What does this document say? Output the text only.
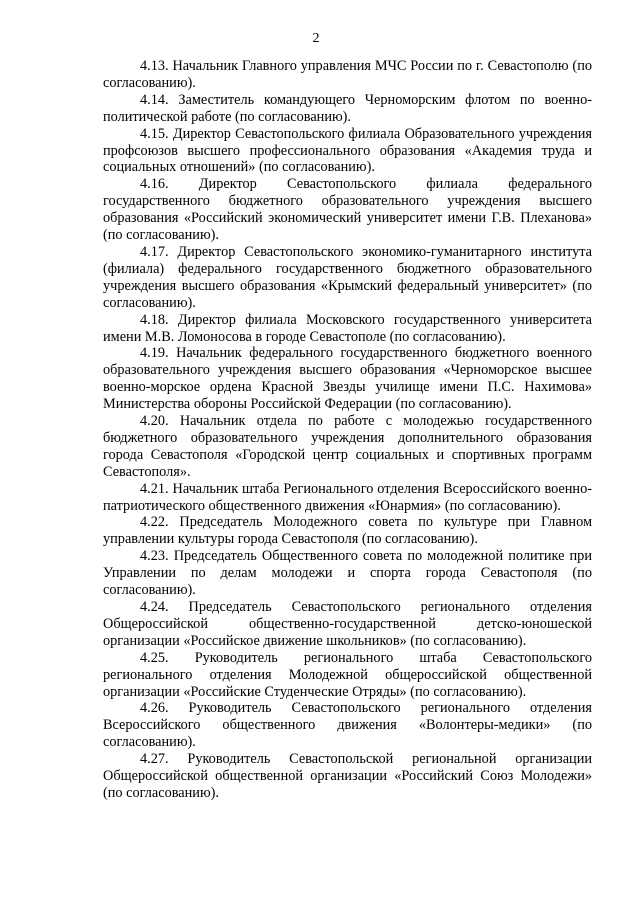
2

4.13. Начальник Главного управления МЧС России по г. Севастополю (по согласованию).

4.14. Заместитель командующего Черноморским флотом по военно-политической работе (по согласованию).

4.15. Директор Севастопольского филиала Образовательного учреждения профсоюзов высшего профессионального образования «Академия труда и социальных отношений» (по согласованию).

4.16. Директор Севастопольского филиала федерального государственного бюджетного образовательного учреждения высшего образования «Российский экономический университет имени Г.В. Плеханова» (по согласованию).

4.17. Директор Севастопольского экономико-гуманитарного института (филиала) федерального государственного бюджетного образовательного учреждения высшего образования «Крымский федеральный университет» (по согласованию).

4.18. Директор филиала Московского государственного университета имени М.В. Ломоносова в городе Севастополе (по согласованию).

4.19. Начальник федерального государственного бюджетного военного образовательного учреждения высшего образования «Черноморское высшее военно-морское ордена Красной Звезды училище имени П.С. Нахимова» Министерства обороны Российской Федерации (по согласованию).

4.20. Начальник отдела по работе с молодежью государственного бюджетного образовательного учреждения дополнительного образования города Севастополя «Городской центр социальных и спортивных программ Севастополя».

4.21. Начальник штаба Регионального отделения Всероссийского военно-патриотического общественного движения «Юнармия» (по согласованию).

4.22. Председатель Молодежного совета по культуре при Главном управлении культуры города Севастополя (по согласованию).

4.23. Председатель Общественного совета по молодежной политике при Управлении по делам молодежи и спорта города Севастополя (по согласованию).

4.24. Председатель Севастопольского регионального отделения Общероссийской общественно-государственной детско-юношеской организации «Российское движение школьников» (по согласованию).

4.25. Руководитель регионального штаба Севастопольского регионального отделения Молодежной общероссийской общественной организации «Российские Студенческие Отряды» (по согласованию).

4.26. Руководитель Севастопольского регионального отделения Всероссийского общественного движения «Волонтеры-медики» (по согласованию).

4.27. Руководитель Севастопольской региональной организации Общероссийской общественной организации «Российский Союз Молодежи» (по согласованию).
